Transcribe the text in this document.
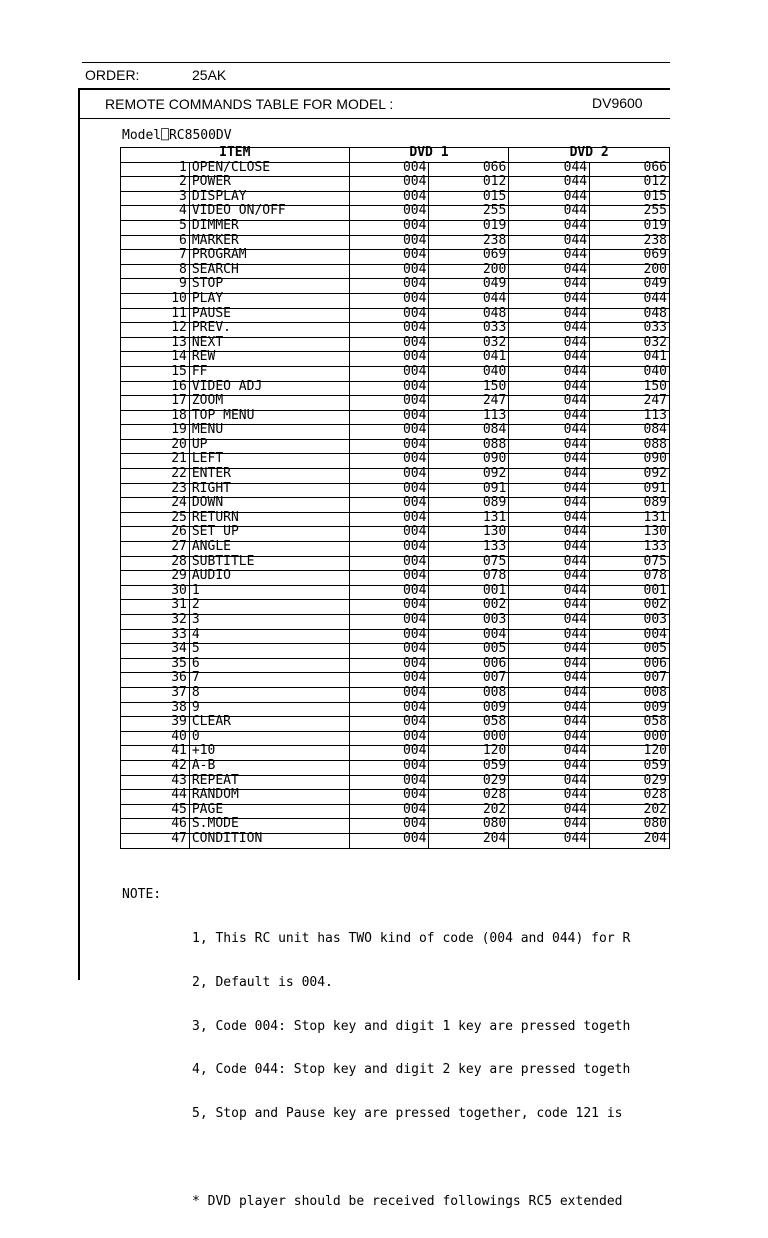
ORDER:	25AK
REMOTE COMMANDS TABLE FOR MODEL :	DV9600
Model⎕RC8500DV
ITEM		DVD 1		DVD 2	
1	OPEN/CLOSE	004	066	044	066
2	POWER	004	012	044	012
3	DISPLAY	004	015	044	015
4	VIDEO ON/OFF	004	255	044	255
5	DIMMER	004	019	044	019
6	MARKER	004	238	044	238
7	PROGRAM	004	069	044	069
8	SEARCH	004	200	044	200
9	STOP	004	049	044	049
10	PLAY	004	044	044	044
11	PAUSE	004	048	044	048
12	PREV.	004	033	044	033
13	NEXT	004	032	044	032
14	REW	004	041	044	041
15	FF	004	040	044	040
16	VIDEO ADJ	004	150	044	150
17	ZOOM	004	247	044	247
18	TOP MENU	004	113	044	113
19	MENU	004	084	044	084
20	UP	004	088	044	088
21	LEFT	004	090	044	090
22	ENTER	004	092	044	092
23	RIGHT	004	091	044	091
24	DOWN	004	089	044	089
25	RETURN	004	131	044	131
26	SET UP	004	130	044	130
27	ANGLE	004	133	044	133
28	SUBTITLE	004	075	044	075
29	AUDIO	004	078	044	078
30	1	004	001	044	001
31	2	004	002	044	002
32	3	004	003	044	003
33	4	004	004	044	004
34	5	004	005	044	005
35	6	004	006	044	006
36	7	004	007	044	007
37	8	004	008	044	008
38	9	004	009	044	009
39	CLEAR	004	058	044	058
40	0	004	000	044	000
41	+10	004	120	044	120
42	A-B	004	059	044	059
43	REPEAT	004	029	044	029
44	RANDOM	004	028	044	028
45	PAGE	004	202	044	202
46	S.MODE	004	080	044	080
47	CONDITION	004	204	044	204

NOTE:

1, This RC unit has TWO kind of code (004 and 044) for R

2, Default is 004.

3, Code 004: Stop key and digit 1 key are pressed togeth

4, Code 044: Stop key and digit 2 key are pressed togeth

5, Stop and Pause key are pressed together, code 121 is

* DVD player should be received followings RC5 extended
